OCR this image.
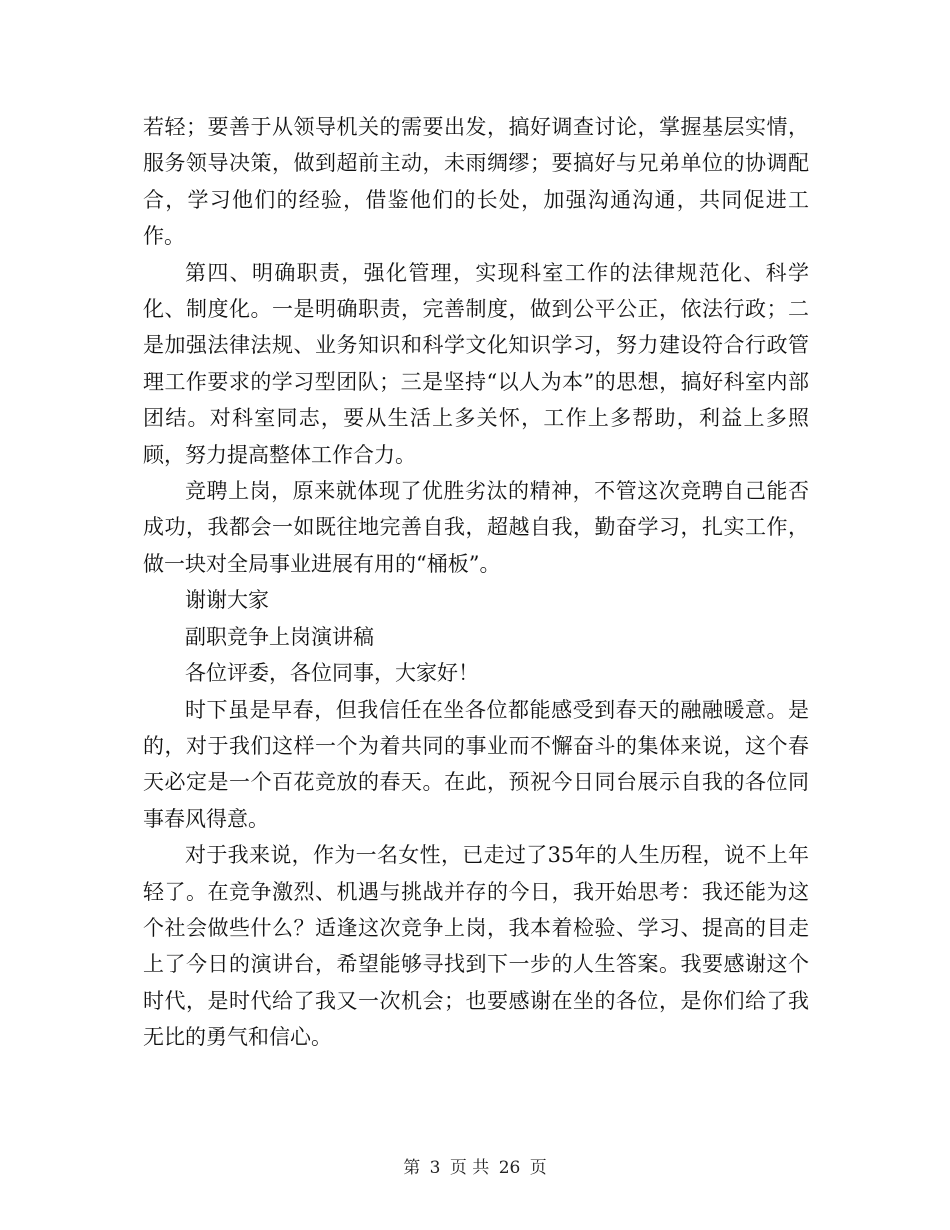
若轻；要善于从领导机关的需要出发，搞好调查讨论，掌握基层实情，服务领导决策，做到超前主动，未雨绸缪；要搞好与兄弟单位的协调配合，学习他们的经验，借鉴他们的长处，加强沟通沟通，共同促进工作。

第四、明确职责，强化管理，实现科室工作的法律规范化、科学化、制度化。一是明确职责，完善制度，做到公平公正，依法行政；二是加强法律法规、业务知识和科学文化知识学习，努力建设符合行政管理工作要求的学习型团队；三是坚持“以人为本”的思想，搞好科室内部团结。对科室同志，要从生活上多关怀，工作上多帮助，利益上多照顾，努力提高整体工作合力。

竞聘上岗，原来就体现了优胜劣汰的精神，不管这次竞聘自己能否成功，我都会一如既往地完善自我，超越自我，勤奋学习，扎实工作，做一块对全局事业进展有用的“桶板”。

谢谢大家

副职竞争上岗演讲稿

各位评委，各位同事，大家好！

时下虽是早春，但我信任在坐各位都能感受到春天的融融暖意。是的，对于我们这样一个为着共同的事业而不懈奋斗的集体来说，这个春天必定是一个百花竞放的春天。在此，预祝今日同台展示自我的各位同事春风得意。

对于我来说，作为一名女性，已走过了35年的人生历程，说不上年轻了。在竞争激烈、机遇与挑战并存的今日，我开始思考：我还能为这个社会做些什么？适逢这次竞争上岗，我本着检验、学习、提高的目走上了今日的演讲台，希望能够寻找到下一步的人生答案。我要感谢这个时代，是时代给了我又一次机会；也要感谢在坐的各位，是你们给了我无比的勇气和信心。

第 3 页 共 26 页
